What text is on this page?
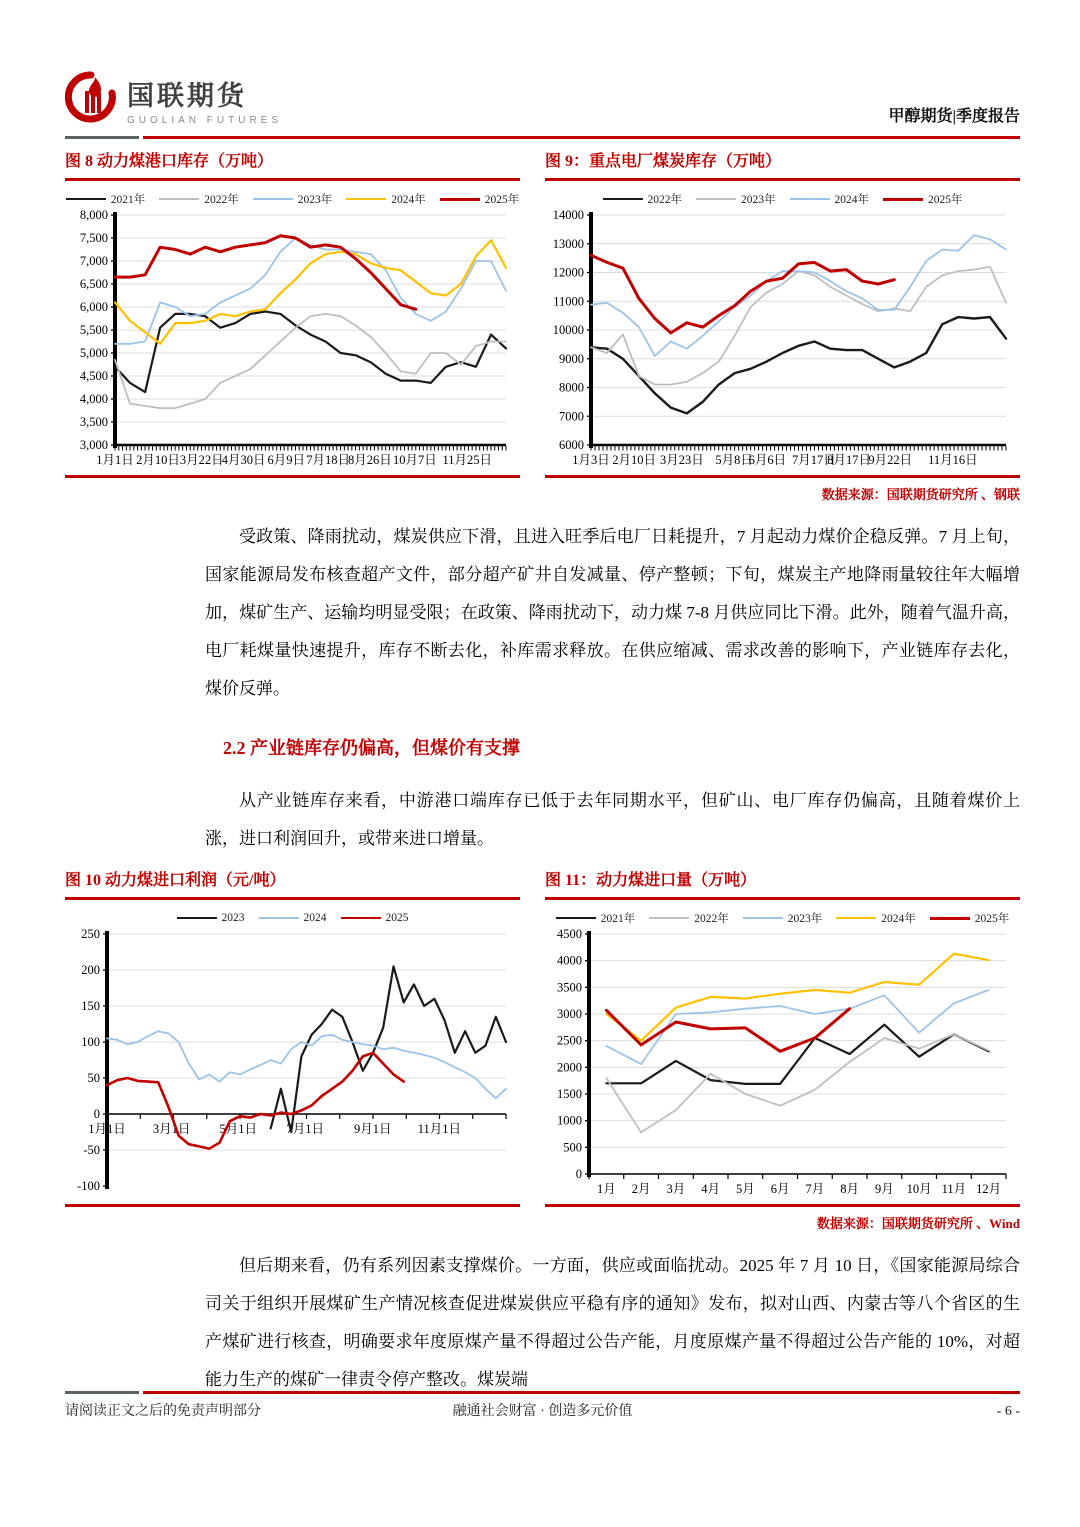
国联期货
GUOLIAN FUTURES	甲醇期货|季度报告
图 8 动力煤港口库存（万吨）
2021年	2022年	2023年	2024年	2025年
3,000
3,500
4,000
4,500
5,000
5,500
6,000
6,500
7,000
7,500
8,000
1月1日 2月10日 3月22日
4月30日 6月9日 7月18日
8月26日 10月7日 11月25日
图 9：重点电厂煤炭库存（万吨）
2022年	2023年	2024年	2025年
6000
7000
8000
9000
10000
11000
12000
13000
14000
1月3日 2月10日 3月23日 5月8日
6月6日 7月17日
8月17日
9月22日 11月16日
数据来源：国联期货研究所 、钢联
受政策、降雨扰动，煤炭供应下滑，且进入旺季后电厂日耗提升，7 月起动力煤价企稳反弹。7 月上旬，国家能源局发布核查超产文件，部分超产矿井自发减量、停产整顿；下旬，煤炭主产地降雨量较往年大幅增加，煤矿生产、运输均明显受限；在政策、降雨扰动下，动力煤 7-8 月供应同比下滑。此外，随着气温升高，电厂耗煤量快速提升，库存不断去化，补库需求释放。在供应缩减、需求改善的影响下，产业链库存去化，煤价反弹。
2.2 产业链库存仍偏高，但煤价有支撑
从产业链库存来看，中游港口端库存已低于去年同期水平，但矿山、电厂库存仍偏高，且随着煤价上涨，进口利润回升，或带来进口增量。
图 10 动力煤进口利润（元/吨）
2023	2024	2025
-100
-50
0
50
100
150
200
250
1月1日 3月1日 5月1日 7月1日 9月1日 11月1日
图 11：动力煤进口量（万吨）
2021年	2022年	2023年	2024年	2025年
0
500
1000
1500
2000
2500
3000
3500
4000
4500
1月 2月 3月 4月 5月 6月 7月 8月 9月 10月 11月 12月
数据来源：国联期货研究所 、Wind
但后期来看，仍有系列因素支撑煤价。一方面，供应或面临扰动。2025 年 7 月 10 日，《国家能源局综合司关于组织开展煤矿生产情况核查促进煤炭供应平稳有序的通知》发布，拟对山西、内蒙古等八个省区的生产煤矿进行核查，明确要求年度原煤产量不得超过公告产能，月度原煤产量不得超过公告产能的 10%，对超能力生产的煤矿一律责令停产整改。煤炭端
融通社会财富 · 创造多元价值
请阅读正文之后的免责声明部分	- 6 -
